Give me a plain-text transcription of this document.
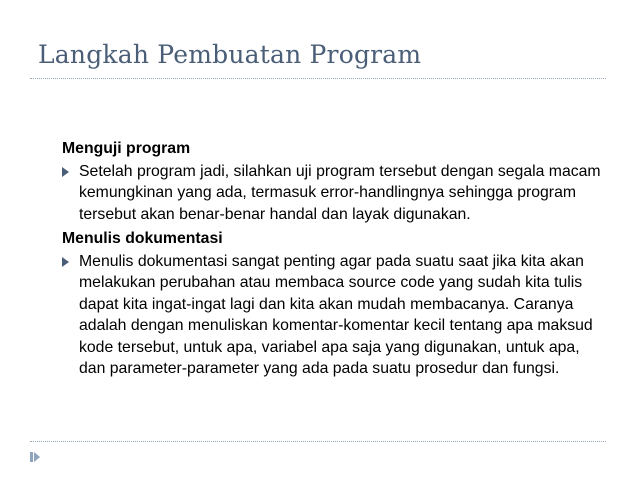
Langkah Pembuatan Program
Menguji program
Setelah program jadi, silahkan uji program tersebut dengan segala macam kemungkinan yang ada, termasuk error-handlingnya sehingga program tersebut akan benar-benar handal dan layak digunakan.
Menulis dokumentasi
Menulis dokumentasi sangat penting agar pada suatu saat jika kita akan melakukan perubahan atau membaca source code yang sudah kita tulis dapat kita ingat-ingat lagi dan kita akan mudah membacanya. Caranya adalah dengan menuliskan komentar-komentar kecil tentang apa maksud kode tersebut, untuk apa, variabel apa saja yang digunakan, untuk apa, dan parameter-parameter yang ada pada suatu prosedur dan fungsi.
